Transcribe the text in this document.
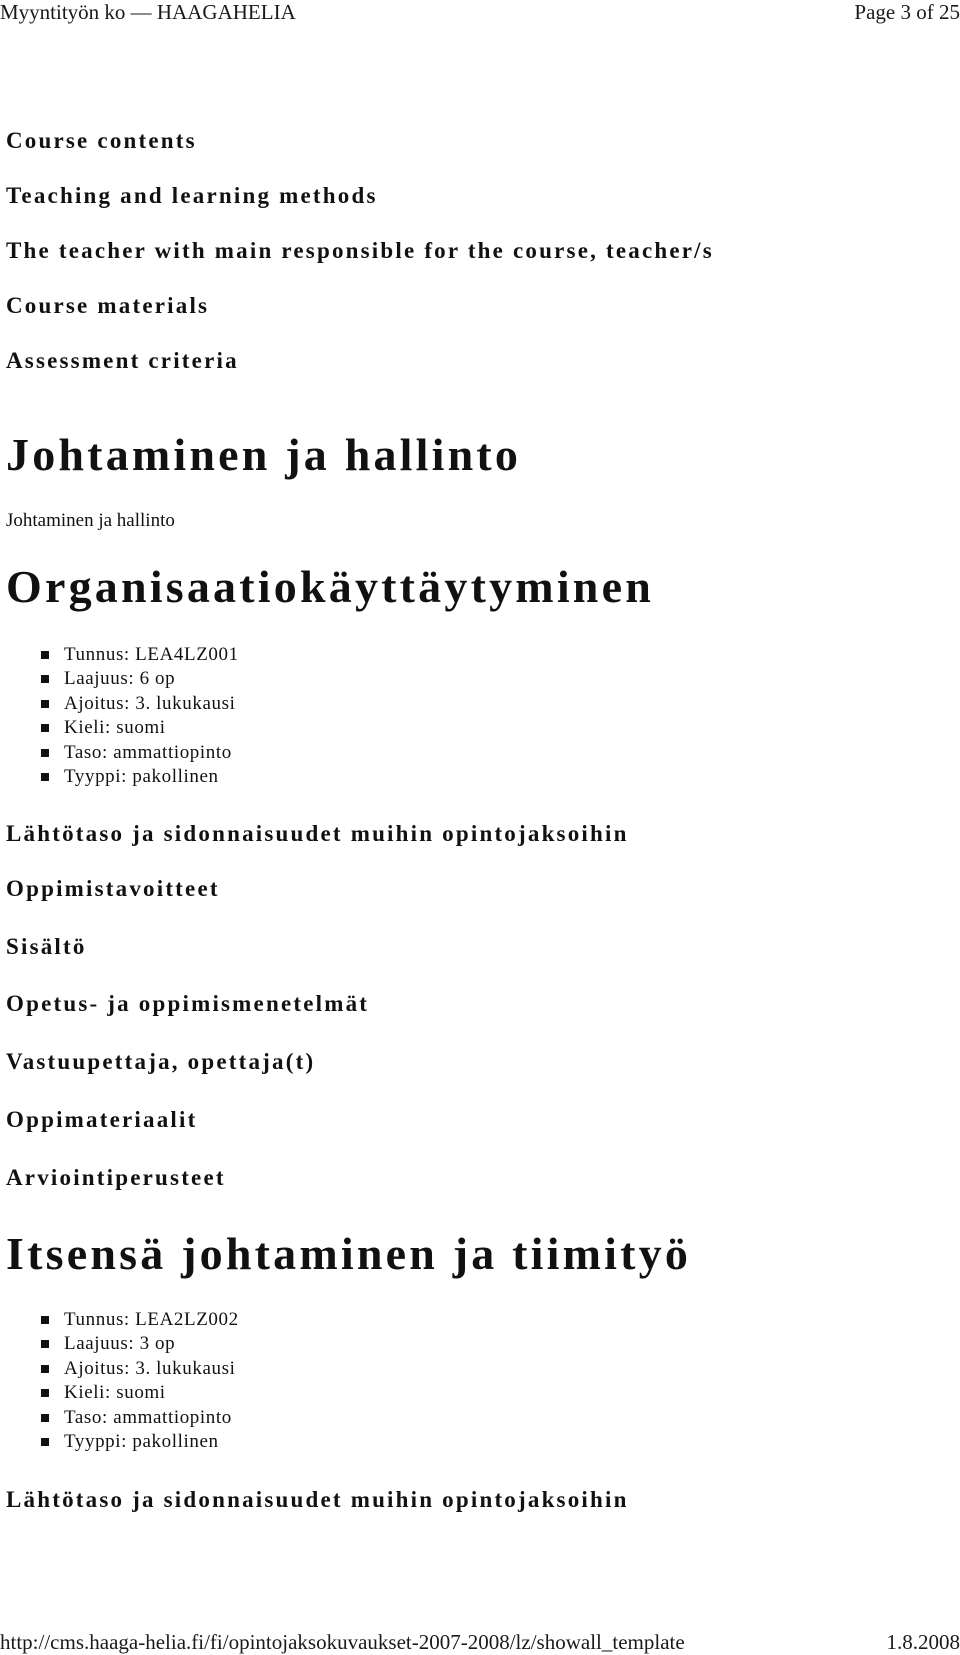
Myyntityön ko — HAAGAHELIA	Page 3 of 25
Course contents
Teaching and learning methods
The teacher with main responsible for the course, teacher/s
Course materials
Assessment criteria
Johtaminen ja hallinto
Johtaminen ja hallinto
Organisaatiokäyttäytyminen
Tunnus: LEA4LZ001
Laajuus: 6 op
Ajoitus: 3. lukukausi
Kieli: suomi
Taso: ammattiopinto
Tyyppi: pakollinen
Lähtötaso ja sidonnaisuudet muihin opintojaksoihin
Oppimistavoitteet
Sisältö
Opetus- ja oppimismenetelmät
Vastuupettaja, opettaja(t)
Oppimateriaalit
Arviointiperusteet
Itsensä johtaminen ja tiimityö
Tunnus: LEA2LZ002
Laajuus: 3 op
Ajoitus: 3. lukukausi
Kieli: suomi
Taso: ammattiopinto
Tyyppi: pakollinen
Lähtötaso ja sidonnaisuudet muihin opintojaksoihin
http://cms.haaga-helia.fi/fi/opintojaksokuvaukset-2007-2008/lz/showall_template	1.8.2008
